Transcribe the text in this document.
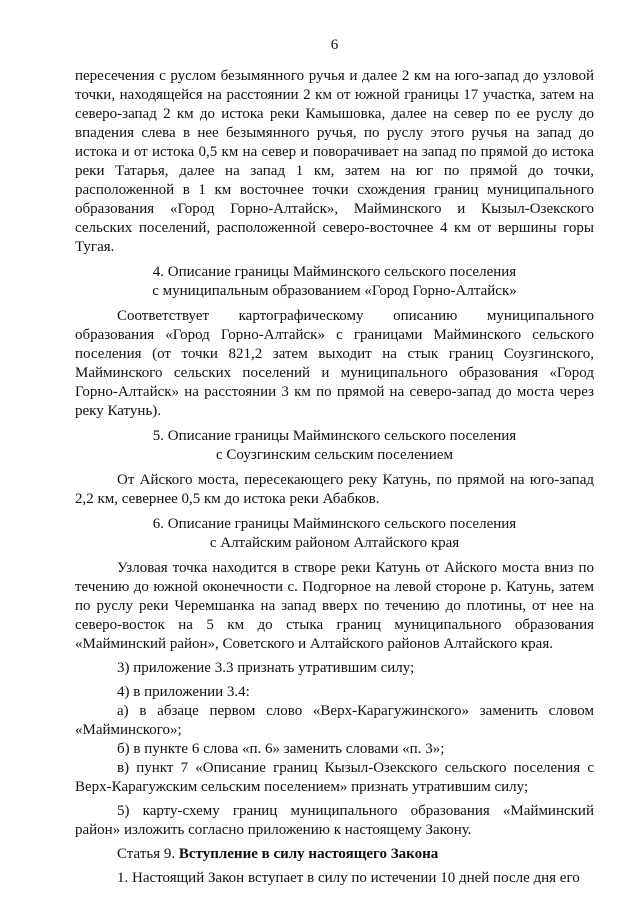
6

пересечения с руслом безымянного ручья и далее 2 км на юго-запад до узловой точки, находящейся на расстоянии 2 км от южной границы 17 участка, затем на северо-запад 2 км до истока реки Камышовка, далее на север по ее руслу до впадения слева в нее безымянного ручья, по руслу этого ручья на запад до истока и от истока 0,5 км на север и поворачивает на запад по прямой до истока реки Татарья, далее на запад 1 км, затем на юг по прямой до точки, расположенной в 1 км восточнее точки схождения границ муниципального образования «Город Горно-Алтайск», Майминского и Кызыл-Озекского сельских поселений, расположенной северо-восточнее 4 км от вершины горы Тугая.

4. Описание границы Майминского сельского поселения

с муниципальным образованием «Город Горно-Алтайск»

Соответствует картографическому описанию муниципального образования «Город Горно-Алтайск» с границами Майминского сельского поселения (от точки 821,2 затем выходит на стык границ Соузгинского, Майминского сельских поселений и муниципального образования «Город Горно-Алтайск» на расстоянии 3 км по прямой на северо-запад до моста через реку Катунь).

5. Описание границы Майминского сельского поселения

с Соузгинским сельским поселением

От Айского моста, пересекающего реку Катунь, по прямой на юго-запад 2,2 км, севернее 0,5 км до истока реки Абабков.

6. Описание границы Майминского сельского поселения

с Алтайским районом Алтайского края

Узловая точка находится в створе реки Катунь от Айского моста вниз по течению до южной оконечности с. Подгорное на левой стороне р. Катунь, затем по руслу реки Черемшанка на запад вверх по течению до плотины, от нее на северо-восток на 5 км до стыка границ муниципального образования «Майминский район», Советского и Алтайского районов Алтайского края.

3) приложение 3.3 признать утратившим силу;

4) в приложении 3.4:

а) в абзаце первом слово «Верх-Карагужинского» заменить словом «Майминского»;

б) в пункте 6 слова «п. 6» заменить словами «п. 3»;

в) пункт 7 «Описание границ Кызыл-Озекского сельского поселения с Верх-Карагужским сельским поселением» признать утратившим силу;

5) карту-схему границ муниципального образования «Майминский район» изложить согласно приложению к настоящему Закону.

Статья 9. Вступление в силу настоящего Закона

1. Настоящий Закон вступает в силу по истечении 10 дней после дня его
